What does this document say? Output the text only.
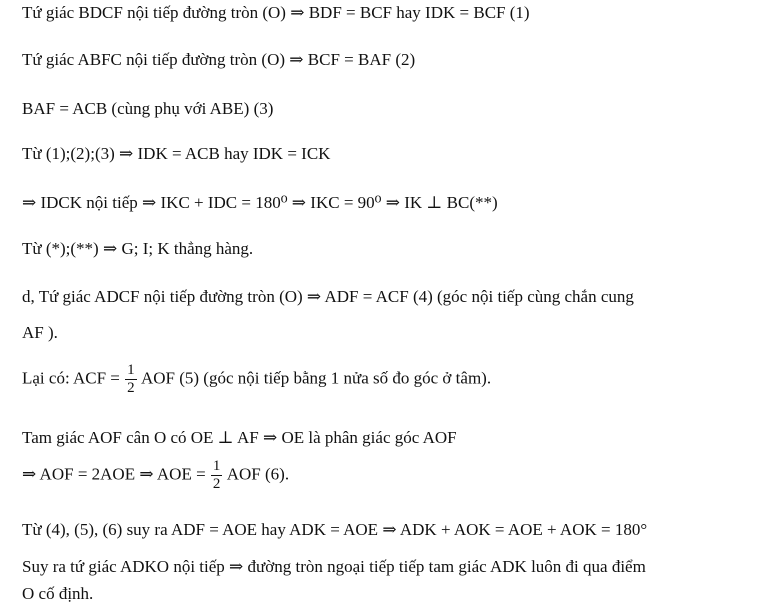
Tứ giác BDCF nội tiếp đường tròn (O) ⇒ BDF = BCF hay IDK = BCF (1)
Tứ giác ABFC nội tiếp đường tròn (O) ⇒ BCF = BAF (2)
BAF = ACB (cùng phụ với ABE) (3)
Từ (1);(2);(3) ⇒ IDK = ACB hay IDK = ICK
⇒ IDCK nội tiếp ⇒ IKC + IDC = 180⁰ ⇒ IKC = 90⁰ ⇒ IK ⊥ BC(**)
Từ (*);(**) ⇒ G; I; K thẳng hàng.
d, Tứ giác ADCF nội tiếp đường tròn (O) ⇒ ADF = ACF (4) (góc nội tiếp cùng chắn cung
AF ).
Lại có: ACF = $\frac{1}{2}$ AOF (5) (góc nội tiếp bằng 1 nửa số đo góc ở tâm).
Tam giác AOF cân O có OE ⊥ AF ⇒ OE là phân giác góc AOF
⇒ AOF = 2AOE ⇒ AOE = $\frac{1}{2}$ AOF (6).
Từ (4), (5), (6) suy ra ADF = AOE hay ADK = AOE ⇒ ADK + AOK = AOE + AOK = 180°
Suy ra tứ giác ADKO nội tiếp ⇒ đường tròn ngoại tiếp tiếp tam giác ADK luôn đi qua điểm
O cố định.
